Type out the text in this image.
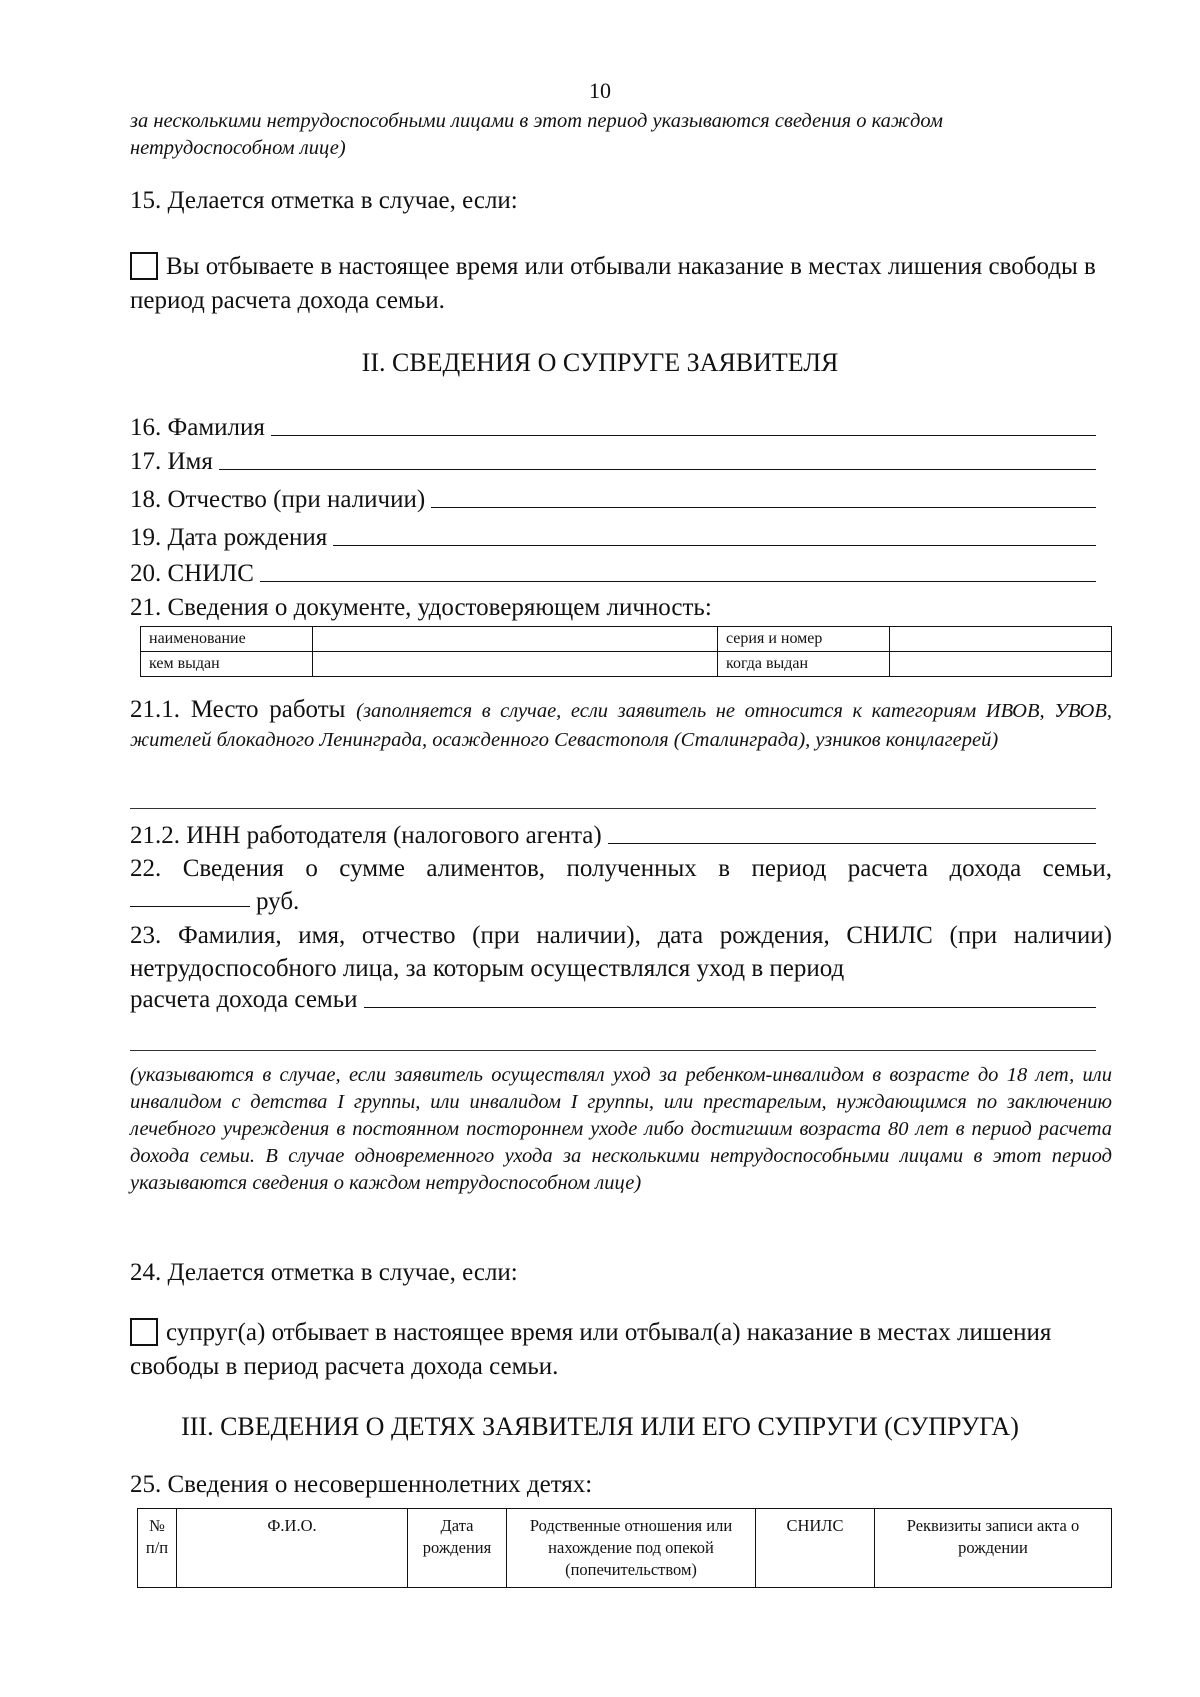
10
за несколькими нетрудоспособными лицами в этот период указываются сведения о каждом нетрудоспособном лице)
15. Делается отметка в случае, если:
Вы отбываете в настоящее время или отбывали наказание в местах лишения свободы в период расчета дохода семьи.
II. СВЕДЕНИЯ О СУПРУГЕ ЗАЯВИТЕЛЯ
16. Фамилия
17. Имя
18. Отчество (при наличии)
19. Дата рождения
20. СНИЛС
21. Сведения о документе, удостоверяющем личность:
наименование		серия и номер	
кем выдан		когда выдан	
21.1. Место работы (заполняется в случае, если заявитель не относится к категориям ИВОВ, УВОВ, жителей блокадного Ленинграда, осажденного Севастополя (Сталинграда), узников концлагерей)
21.2. ИНН работодателя (налогового агента)
22. Сведения о сумме алиментов, полученных в период расчета дохода семьи,
руб.
23. Фамилия, имя, отчество (при наличии), дата рождения, СНИЛС (при наличии) нетрудоспособного лица, за которым осуществлялся уход в период
расчета дохода семьи
(указываются в случае, если заявитель осуществлял уход за ребенком-инвалидом в возрасте до 18 лет, или инвалидом с детства I группы, или инвалидом I группы, или престарелым, нуждающимся по заключению лечебного учреждения в постоянном постороннем уходе либо достигшим возраста 80 лет в период расчета дохода семьи. В случае одновременного ухода за несколькими нетрудоспособными лицами в этот период указываются сведения о каждом нетрудоспособном лице)
24. Делается отметка в случае, если:
супруг(а) отбывает в настоящее время или отбывал(а) наказание в местах лишения свободы в период расчета дохода семьи.
III. СВЕДЕНИЯ О ДЕТЯХ ЗАЯВИТЕЛЯ ИЛИ ЕГО СУПРУГИ (СУПРУГА)
25. Сведения о несовершеннолетних детях:
№ п/п	Ф.И.О.	Дата рождения	Родственные отношения или нахождение под опекой (попечительством)	СНИЛС	Реквизиты записи акта о рождении
